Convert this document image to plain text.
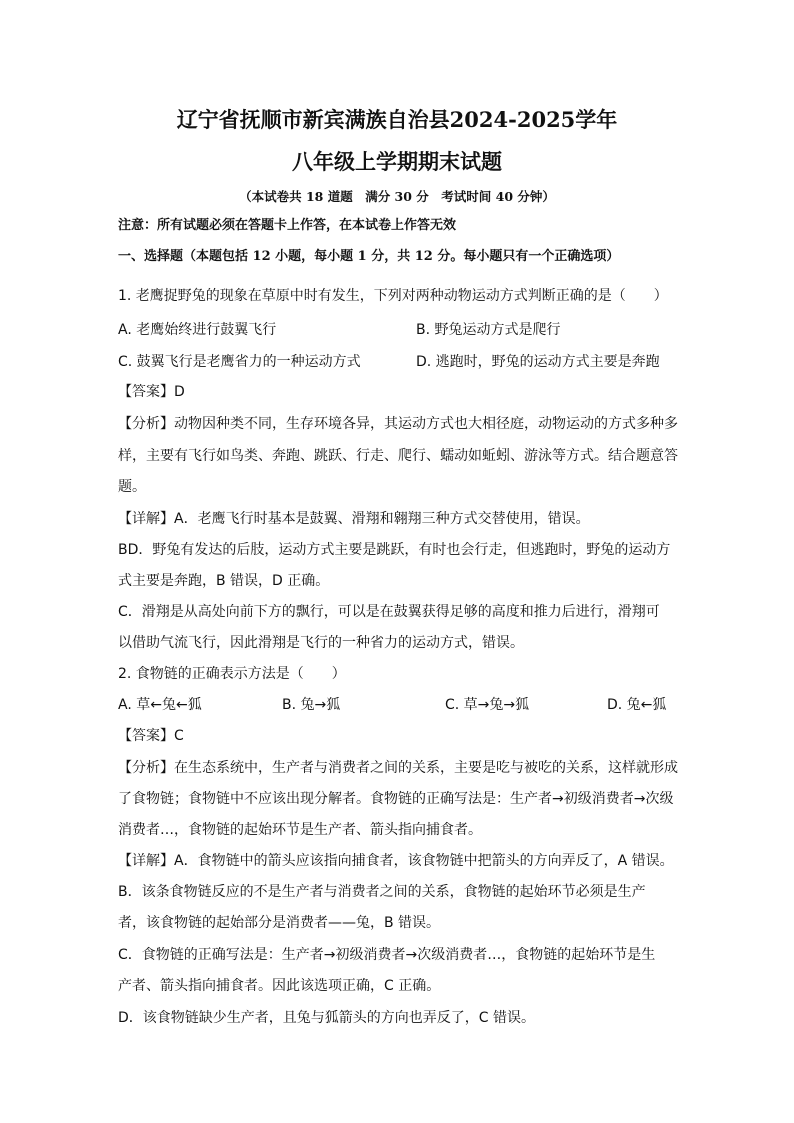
辽宁省抚顺市新宾满族自治县2024-2025学年
八年级上学期期末试题
（本试卷共 18 道题　满分 30 分　考试时间 40 分钟）
注意：所有试题必须在答题卡上作答，在本试卷上作答无效
一、选择题（本题包括 12 小题，每小题 1 分，共 12 分。每小题只有一个正确选项）
1. 老鹰捉野兔的现象在草原中时有发生，下列对两种动物运动方式判断正确的是（　　）
A. 老鹰始终进行鼓翼飞行	B. 野兔运动方式是爬行
C. 鼓翼飞行是老鹰省力的一种运动方式	D. 逃跑时，野兔的运动方式主要是奔跑
【答案】D
【分析】动物因种类不同，生存环境各异，其运动方式也大相径庭，动物运动的方式多种多
样，主要有飞行如鸟类、奔跑、跳跃、行走、爬行、蠕动如蚯蚓、游泳等方式。结合题意答
题。
【详解】A．老鹰飞行时基本是鼓翼、滑翔和翱翔三种方式交替使用，错误。
BD．野兔有发达的后肢，运动方式主要是跳跃，有时也会行走，但逃跑时，野兔的运动方
式主要是奔跑，B 错误，D 正确。
C．滑翔是从高处向前下方的飘行，可以是在鼓翼获得足够的高度和推力后进行，滑翔可
以借助气流飞行，因此滑翔是飞行的一种省力的运动方式，错误。
2. 食物链的正确表示方法是（　　）
A. 草←兔←狐	B. 兔→狐	C. 草→兔→狐	D. 兔←狐
【答案】C
【分析】在生态系统中，生产者与消费者之间的关系，主要是吃与被吃的关系，这样就形成
了食物链；食物链中不应该出现分解者。食物链的正确写法是：生产者→初级消费者→次级
消费者…，食物链的起始环节是生产者、箭头指向捕食者。
【详解】A．食物链中的箭头应该指向捕食者，该食物链中把箭头的方向弄反了，A 错误。
B．该条食物链反应的不是生产者与消费者之间的关系，食物链的起始环节必须是生产
者，该食物链的起始部分是消费者——兔，B 错误。
C．食物链的正确写法是：生产者→初级消费者→次级消费者…，食物链的起始环节是生
产者、箭头指向捕食者。因此该选项正确，C 正确。
D．该食物链缺少生产者，且兔与狐箭头的方向也弄反了，C 错误。
